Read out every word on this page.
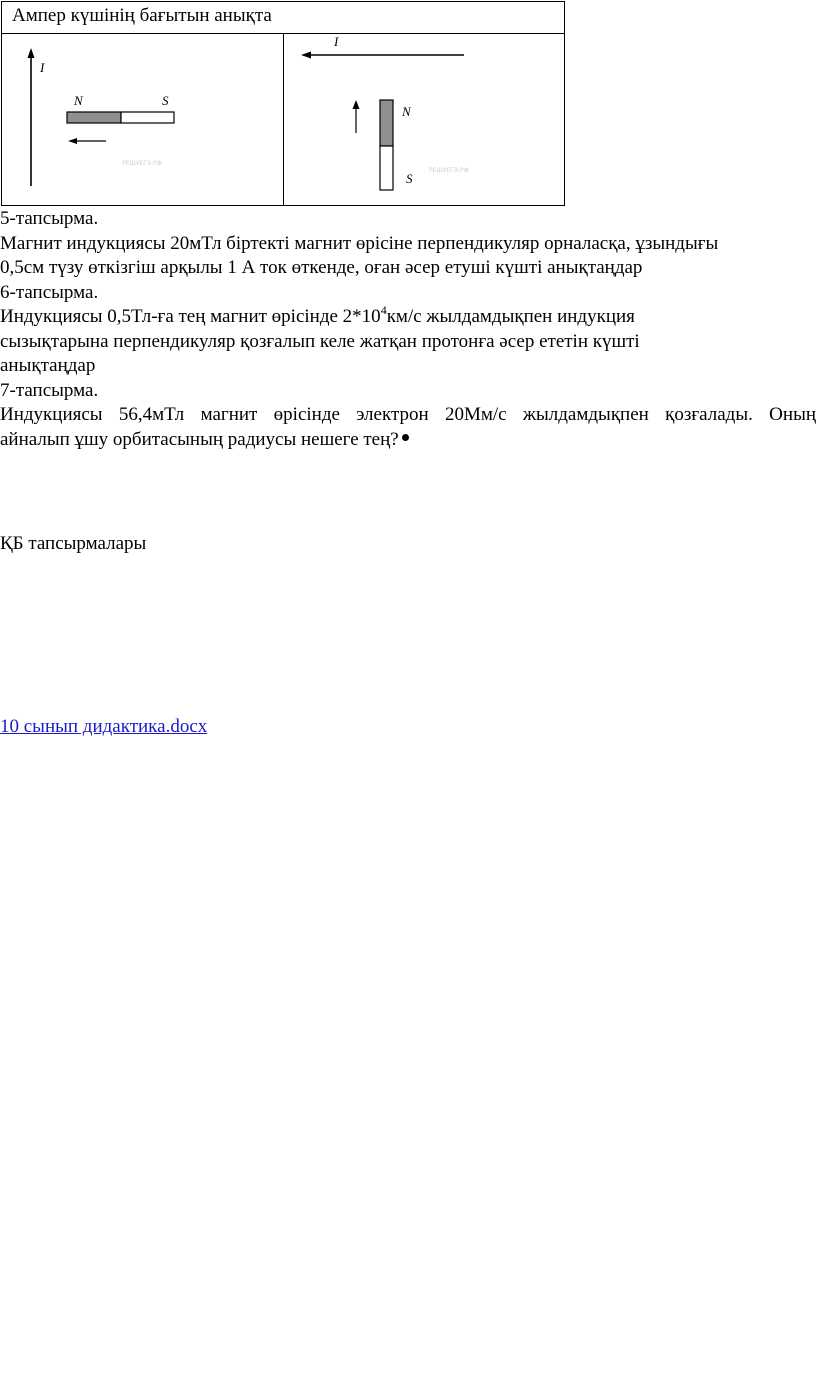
Ампер күшінің бағытын анықта

I
N	S
РЕШУЕГЭ.РФ

I
N
S
РЕШУЕГЭ.РФ

5-тапсырма.

Магнит индукциясы 20мТл біртекті магнит өрісіне перпендикуляр орналасқа, ұзындығы

0,5см түзу өткізгіш арқылы 1 А ток өткенде, оған әсер етуші күшті анықтаңдар

6-тапсырма.

Индукциясы 0,5Тл-ға тең магнит өрісінде $2*10^4км/с$ жылдамдықпен индукция

сызықтарына перпендикуляр қозғалып келе жатқан протонға әсер ететін күшті

анықтаңдар

7-тапсырма.

Индукциясы 56,4мТл магнит өрісінде электрон 20Мм/с жылдамдықпен қозғалады. Оның

айналып ұшу орбитасының радиусы нешеге тең?

ҚБ тапсырмалары
10 сынып дидактика.docx
